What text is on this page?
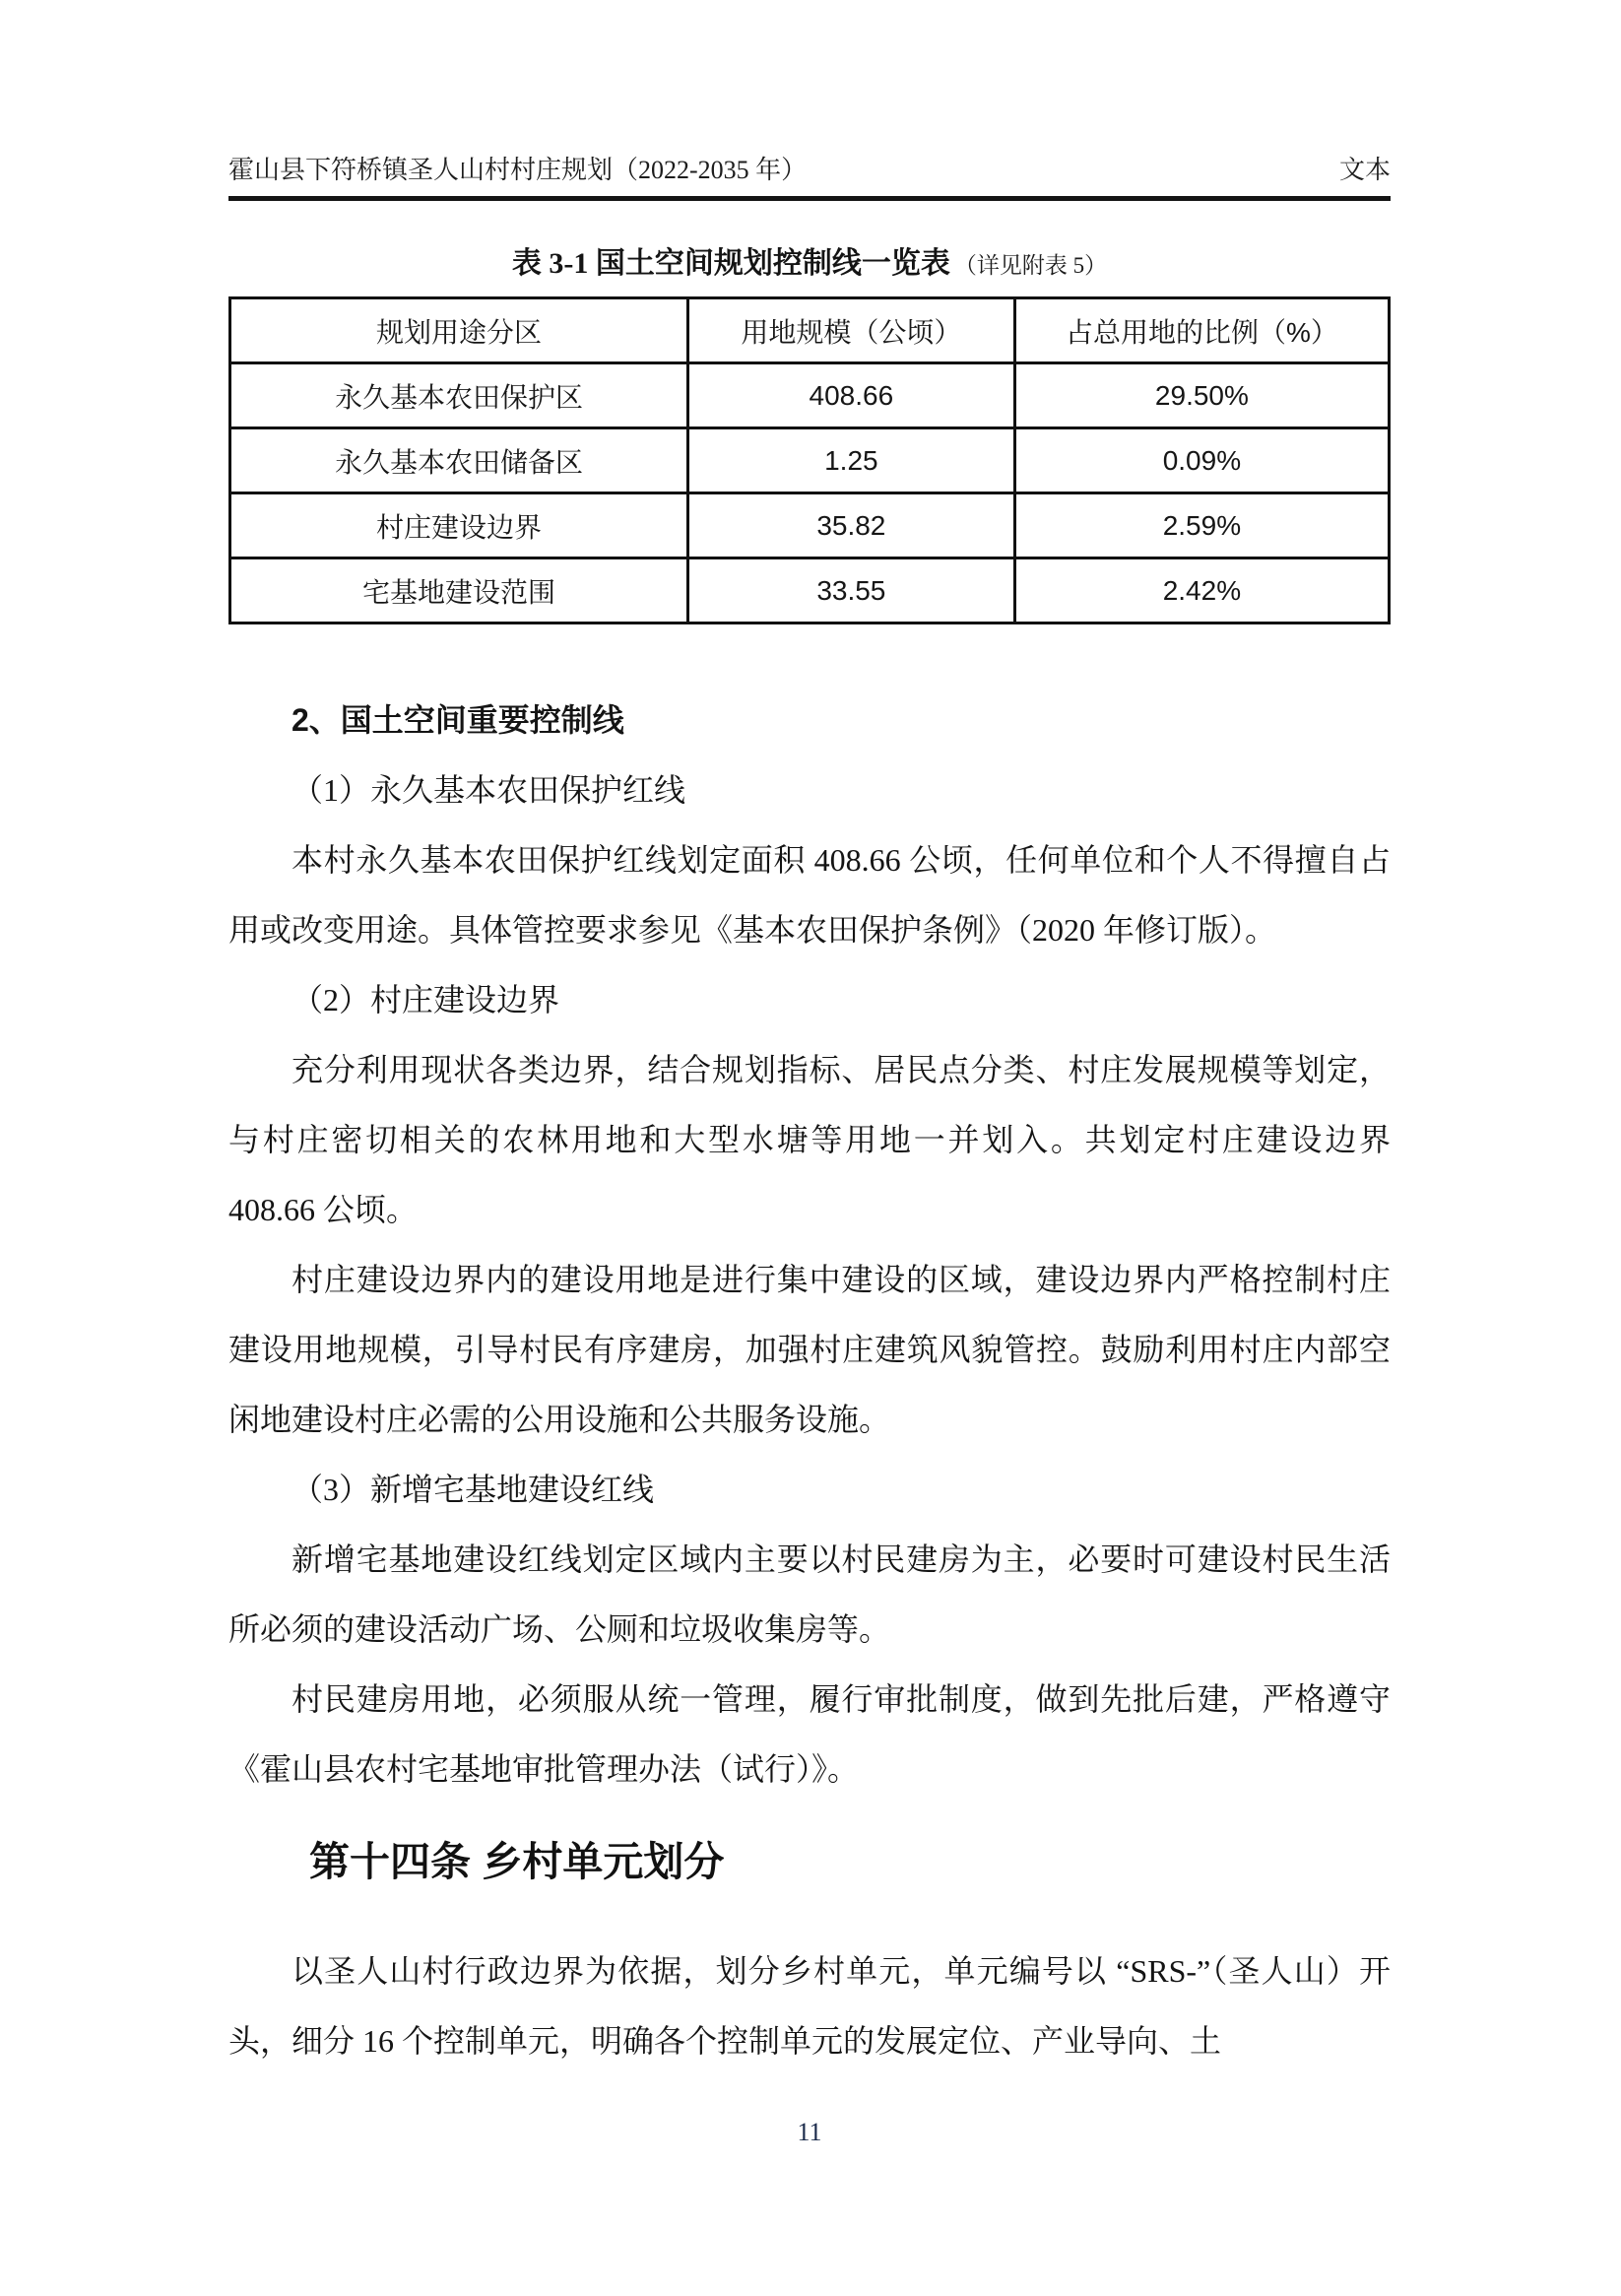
霍山县下符桥镇圣人山村村庄规划（2022-2035 年）	文本
表 3-1 国土空间规划控制线一览表 （详见附表 5）
规划用途分区	用地规模（公顷）	占总用地的比例（%）
永久基本农田保护区	408.66	29.50%
永久基本农田储备区	1.25	0.09%
村庄建设边界	35.82	2.59%
宅基地建设范围	33.55	2.42%

2、国土空间重要控制线

（1）永久基本农田保护红线

本村永久基本农田保护红线划定面积 408.66 公顷，任何单位和个人不得擅自占用或改变用途。具体管控要求参见《基本农田保护条例》（2020 年修订版）。

（2）村庄建设边界

充分利用现状各类边界，结合规划指标、居民点分类、村庄发展规模等划定，与村庄密切相关的农林用地和大型水塘等用地一并划入。共划定村庄建设边界 408.66 公顷。

村庄建设边界内的建设用地是进行集中建设的区域，建设边界内严格控制村庄建设用地规模，引导村民有序建房，加强村庄建筑风貌管控。鼓励利用村庄内部空闲地建设村庄必需的公用设施和公共服务设施。

（3）新增宅基地建设红线

新增宅基地建设红线划定区域内主要以村民建房为主，必要时可建设村民生活所必须的建设活动广场、公厕和垃圾收集房等。

村民建房用地，必须服从统一管理，履行审批制度，做到先批后建，严格遵守《霍山县农村宅基地审批管理办法（试行）》。

第十四条 乡村单元划分

以圣人山村行政边界为依据，划分乡村单元，单元编号以 “SRS-”（圣人山）开头，细分 16 个控制单元，明确各个控制单元的发展定位、产业导向、土

11
